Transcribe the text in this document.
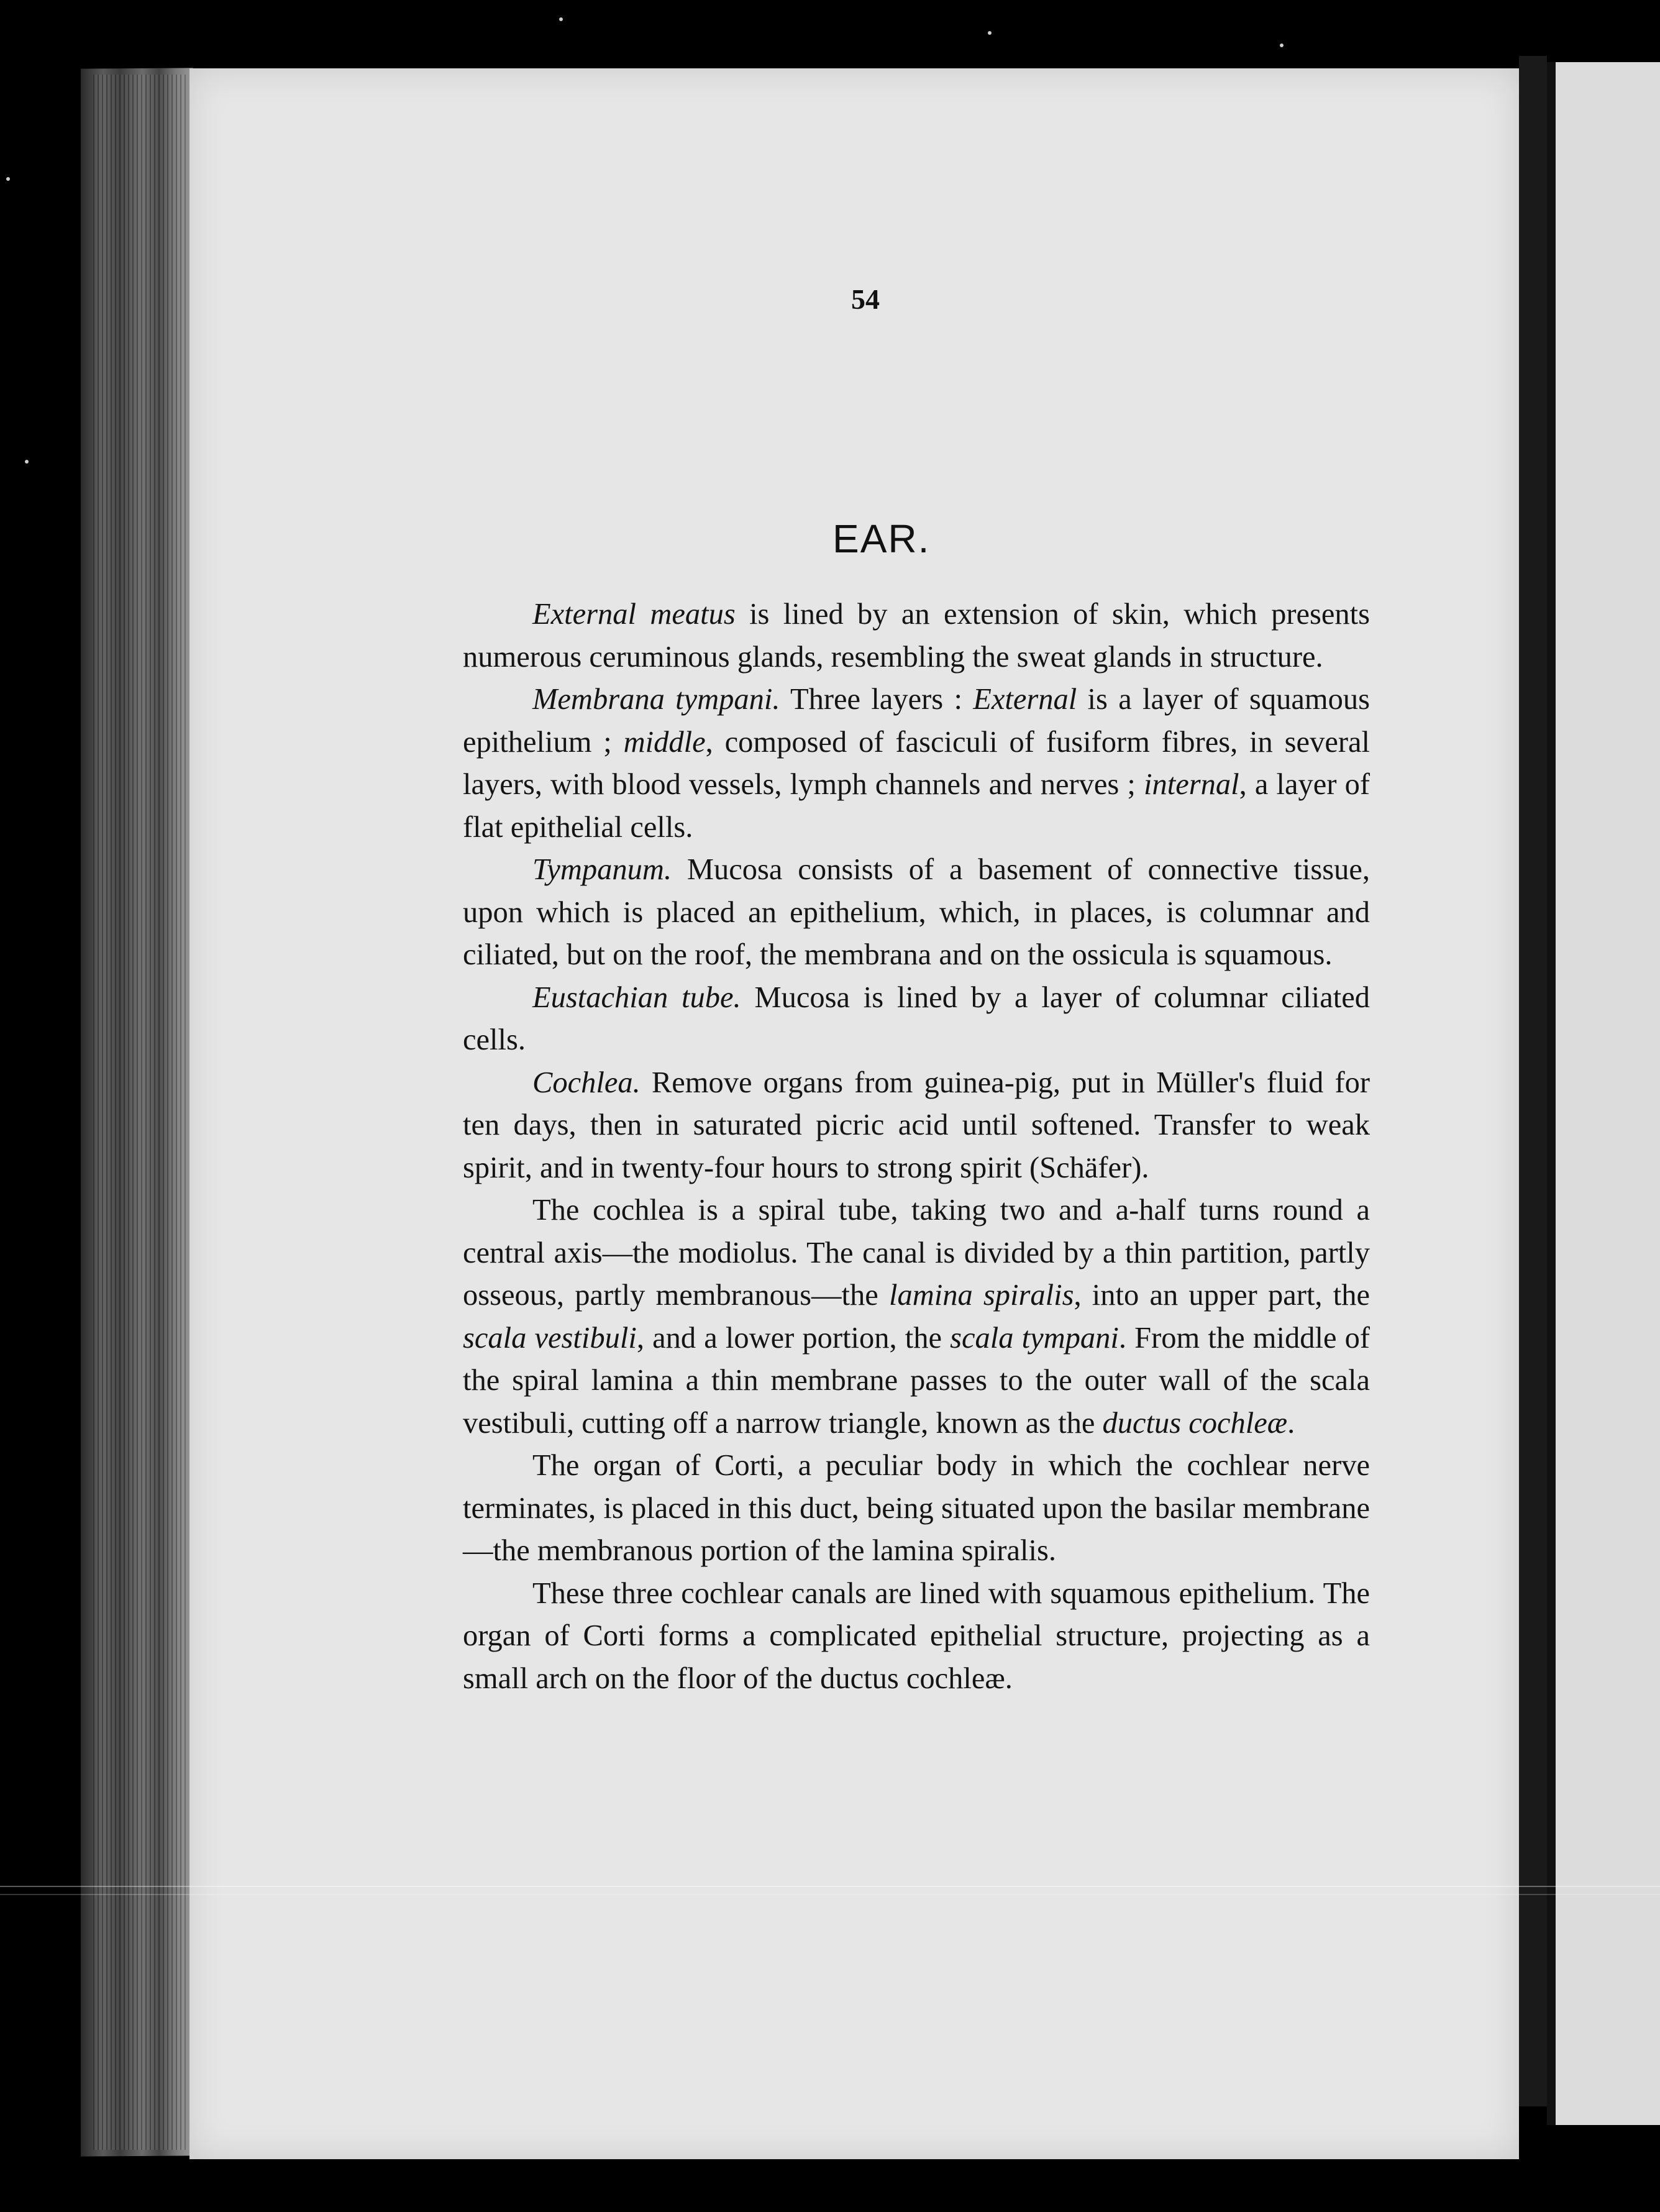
54
EAR.

External meatus is lined by an extension of skin, which presents numerous ceruminous glands, resembling the sweat glands in structure.

Membrana tympani. Three layers : External is a layer of squamous epithelium ; middle, composed of fasciculi of fusiform fibres, in several layers, with blood vessels, lymph channels and nerves ; internal, a layer of flat epithelial cells.

Tympanum. Mucosa consists of a basement of connective tissue, upon which is placed an epithelium, which, in places, is columnar and ciliated, but on the roof, the membrana and on the ossicula is squamous.

Eustachian tube. Mucosa is lined by a layer of columnar ciliated cells.

Cochlea. Remove organs from guinea-pig, put in Müller's fluid for ten days, then in saturated picric acid until softened. Transfer to weak spirit, and in twenty-four hours to strong spirit (Schäfer).

The cochlea is a spiral tube, taking two and a-half turns round a central axis—the modiolus. The canal is divided by a thin partition, partly osseous, partly membranous—the lamina spiralis, into an upper part, the scala vestibuli, and a lower portion, the scala tympani. From the middle of the spiral lamina a thin membrane passes to the outer wall of the scala vestibuli, cutting off a narrow triangle, known as the ductus cochleæ.

The organ of Corti, a peculiar body in which the cochlear nerve terminates, is placed in this duct, being situated upon the basilar membrane—the membranous portion of the lamina spiralis.

These three cochlear canals are lined with squamous epithelium. The organ of Corti forms a complicated epithelial structure, projecting as a small arch on the floor of the ductus cochleæ.
